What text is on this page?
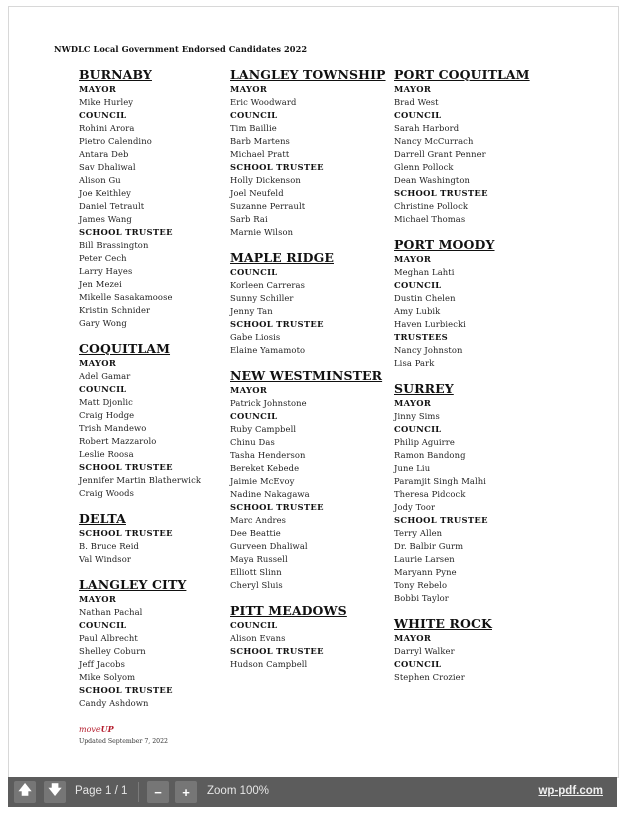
NWDLC Local Government Endorsed Candidates 2022
BURNABY
MAYOR
Mike Hurley
COUNCIL
Rohini Arora
Pietro Calendino
Antara Deb
Sav Dhaliwal
Alison Gu
Joe Keithley
Daniel Tetrault
James Wang
SCHOOL TRUSTEE
Bill Brassington
Peter Cech
Larry Hayes
Jen Mezei
Mikelle Sasakamoose
Kristin Schnider
Gary Wong
COQUITLAM
MAYOR
Adel Gamar
COUNCIL
Matt Djonlic
Craig Hodge
Trish Mandewo
Robert Mazzarolo
Leslie Roosa
SCHOOL TRUSTEE
Jennifer Martin Blatherwick
Craig Woods
DELTA
SCHOOL TRUSTEE
B. Bruce Reid
Val Windsor
LANGLEY CITY
MAYOR
Nathan Pachal
COUNCIL
Paul Albrecht
Shelley Coburn
Jeff Jacobs
Mike Solyom
SCHOOL TRUSTEE
Candy Ashdown
LANGLEY TOWNSHIP
MAYOR
Eric Woodward
COUNCIL
Tim Baillie
Barb Martens
Michael Pratt
SCHOOL TRUSTEE
Holly Dickenson
Joel Neufeld
Suzanne Perrault
Sarb Rai
Marnie Wilson
MAPLE RIDGE
COUNCIL
Korleen Carreras
Sunny Schiller
Jenny Tan
SCHOOL TRUSTEE
Gabe Liosis
Elaine Yamamoto
NEW WESTMINSTER
MAYOR
Patrick Johnstone
COUNCIL
Ruby Campbell
Chinu Das
Tasha Henderson
Bereket Kebede
Jaimie McEvoy
Nadine Nakagawa
SCHOOL TRUSTEE
Marc Andres
Dee Beattie
Gurveen Dhaliwal
Maya Russell
Elliott Slinn
Cheryl Sluis
PITT MEADOWS
COUNCIL
Alison Evans
SCHOOL TRUSTEE
Hudson Campbell
PORT COQUITLAM
MAYOR
Brad West
COUNCIL
Sarah Harbord
Nancy McCurrach
Darrell Grant Penner
Glenn Pollock
Dean Washington
SCHOOL TRUSTEE
Christine Pollock
Michael Thomas
PORT MOODY
MAYOR
Meghan Lahti
COUNCIL
Dustin Chelen
Amy Lubik
Haven Lurbiecki
TRUSTEES
Nancy Johnston
Lisa Park
SURREY
MAYOR
Jinny Sims
COUNCIL
Philip Aguirre
Ramon Bandong
June Liu
Paramjit Singh Malhi
Theresa Pidcock
Jody Toor
SCHOOL TRUSTEE
Terry Allen
Dr. Balbir Gurm
Laurie Larsen
Maryann Pyne
Tony Rebelo
Bobbi Taylor
WHITE ROCK
MAYOR
Darryl Walker
COUNCIL
Stephen Crozier
moveUP
Updated September 7, 2022
🡅 🡇 Page 1 / 1	−	+	Zoom 100%	wp-pdf.com
